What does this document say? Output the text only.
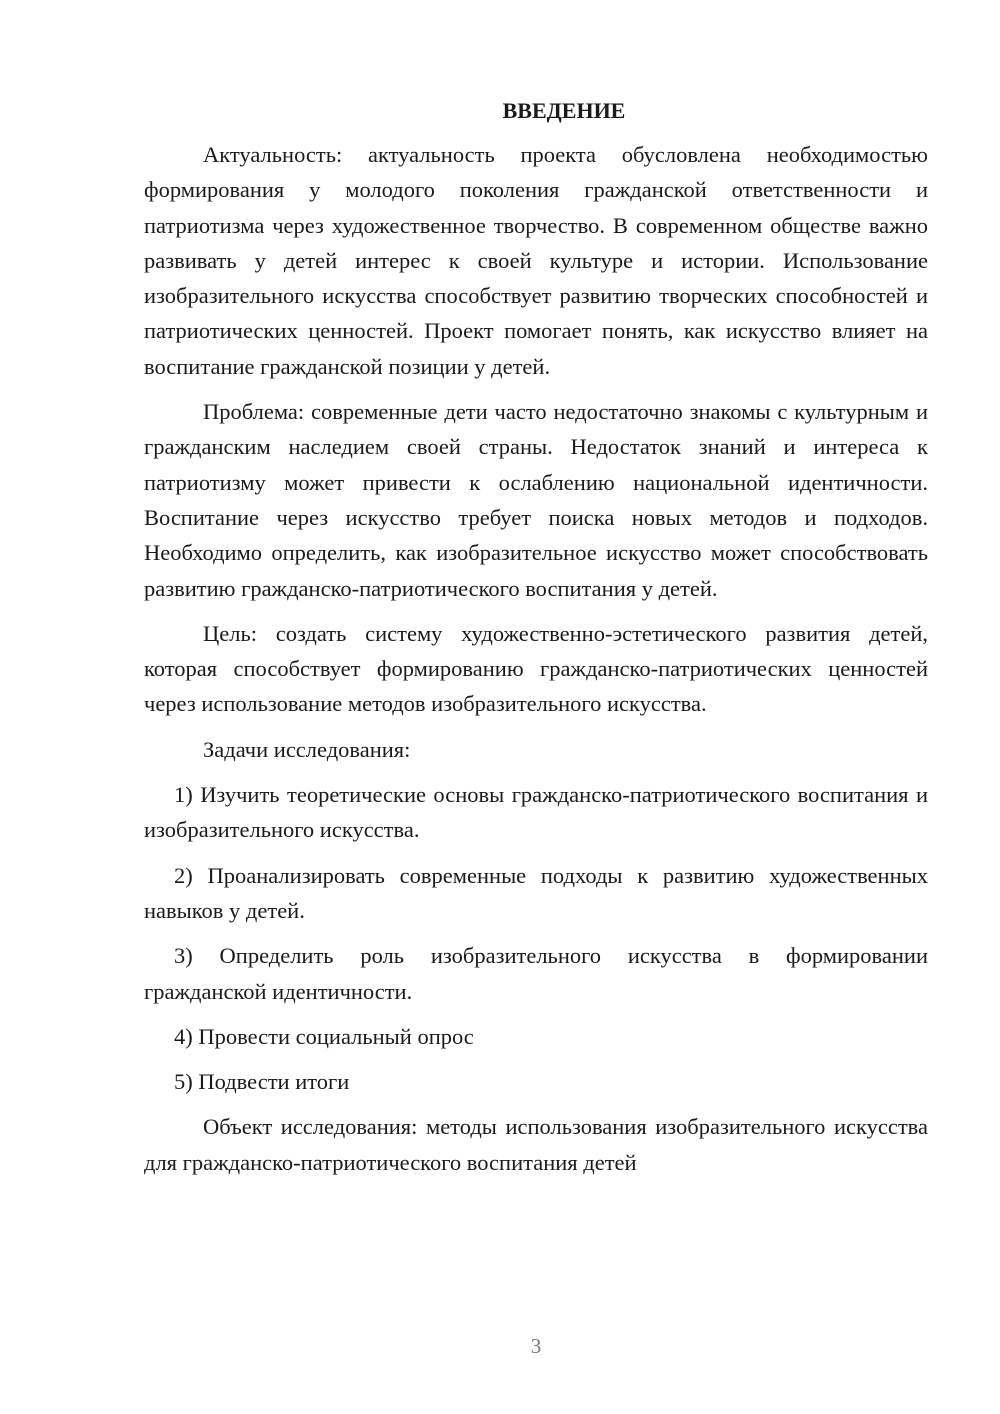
ВВЕДЕНИЕ

Актуальность: актуальность проекта обусловлена необходимостью формирования у молодого поколения гражданской ответственности и патриотизма через художественное творчество. В современном обществе важно развивать у детей интерес к своей культуре и истории. Использование изобразительного искусства способствует развитию творческих способностей и патриотических ценностей. Проект помогает понять, как искусство влияет на воспитание гражданской позиции у детей.

Проблема: современные дети часто недостаточно знакомы с культурным и гражданским наследием своей страны. Недостаток знаний и интереса к патриотизму может привести к ослаблению национальной идентичности. Воспитание через искусство требует поиска новых методов и подходов. Необходимо определить, как изобразительное искусство может способствовать развитию гражданско-патриотического воспитания у детей.

Цель: создать систему художественно-эстетического развития детей, которая способствует формированию гражданско-патриотических ценностей через использование методов изобразительного искусства.

Задачи исследования:

1) Изучить теоретические основы гражданско-патриотического воспитания и изобразительного искусства.

2) Проанализировать современные подходы к развитию художественных навыков у детей.

3) Определить роль изобразительного искусства в формировании гражданской идентичности.

4) Провести социальный опрос

5) Подвести итоги

Объект исследования: методы использования изобразительного искусства для гражданско-патриотического воспитания детей

3
